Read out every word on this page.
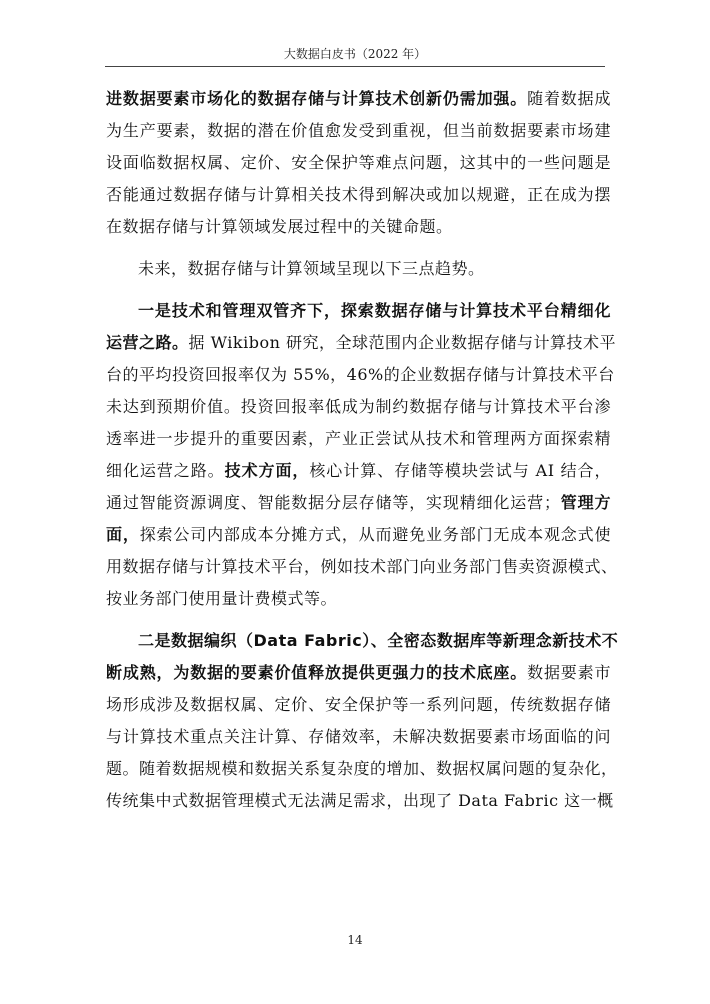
大数据白皮书（2022 年）
进数据要素市场化的数据存储与计算技术创新仍需加强。随着数据成
为生产要素，数据的潜在价值愈发受到重视，但当前数据要素市场建
设面临数据权属、定价、安全保护等难点问题，这其中的一些问题是
否能通过数据存储与计算相关技术得到解决或加以规避，正在成为摆
在数据存储与计算领域发展过程中的关键命题。
未来，数据存储与计算领域呈现以下三点趋势。
一是技术和管理双管齐下，探索数据存储与计算技术平台精细化
运营之路。据 Wikibon 研究，全球范围内企业数据存储与计算技术平
台的平均投资回报率仅为 55%，46%的企业数据存储与计算技术平台
未达到预期价值。投资回报率低成为制约数据存储与计算技术平台渗
透率进一步提升的重要因素，产业正尝试从技术和管理两方面探索精
细化运营之路。技术方面，核心计算、存储等模块尝试与 AI 结合，
通过智能资源调度、智能数据分层存储等，实现精细化运营；管理方
面，探索公司内部成本分摊方式，从而避免业务部门无成本观念式使
用数据存储与计算技术平台，例如技术部门向业务部门售卖资源模式、
按业务部门使用量计费模式等。
二是数据编织（Data Fabric）、全密态数据库等新理念新技术不
断成熟，为数据的要素价值释放提供更强力的技术底座。数据要素市
场形成涉及数据权属、定价、安全保护等一系列问题，传统数据存储
与计算技术重点关注计算、存储效率，未解决数据要素市场面临的问
题。随着数据规模和数据关系复杂度的增加、数据权属问题的复杂化，
传统集中式数据管理模式无法满足需求，出现了 Data Fabric 这一概
14
